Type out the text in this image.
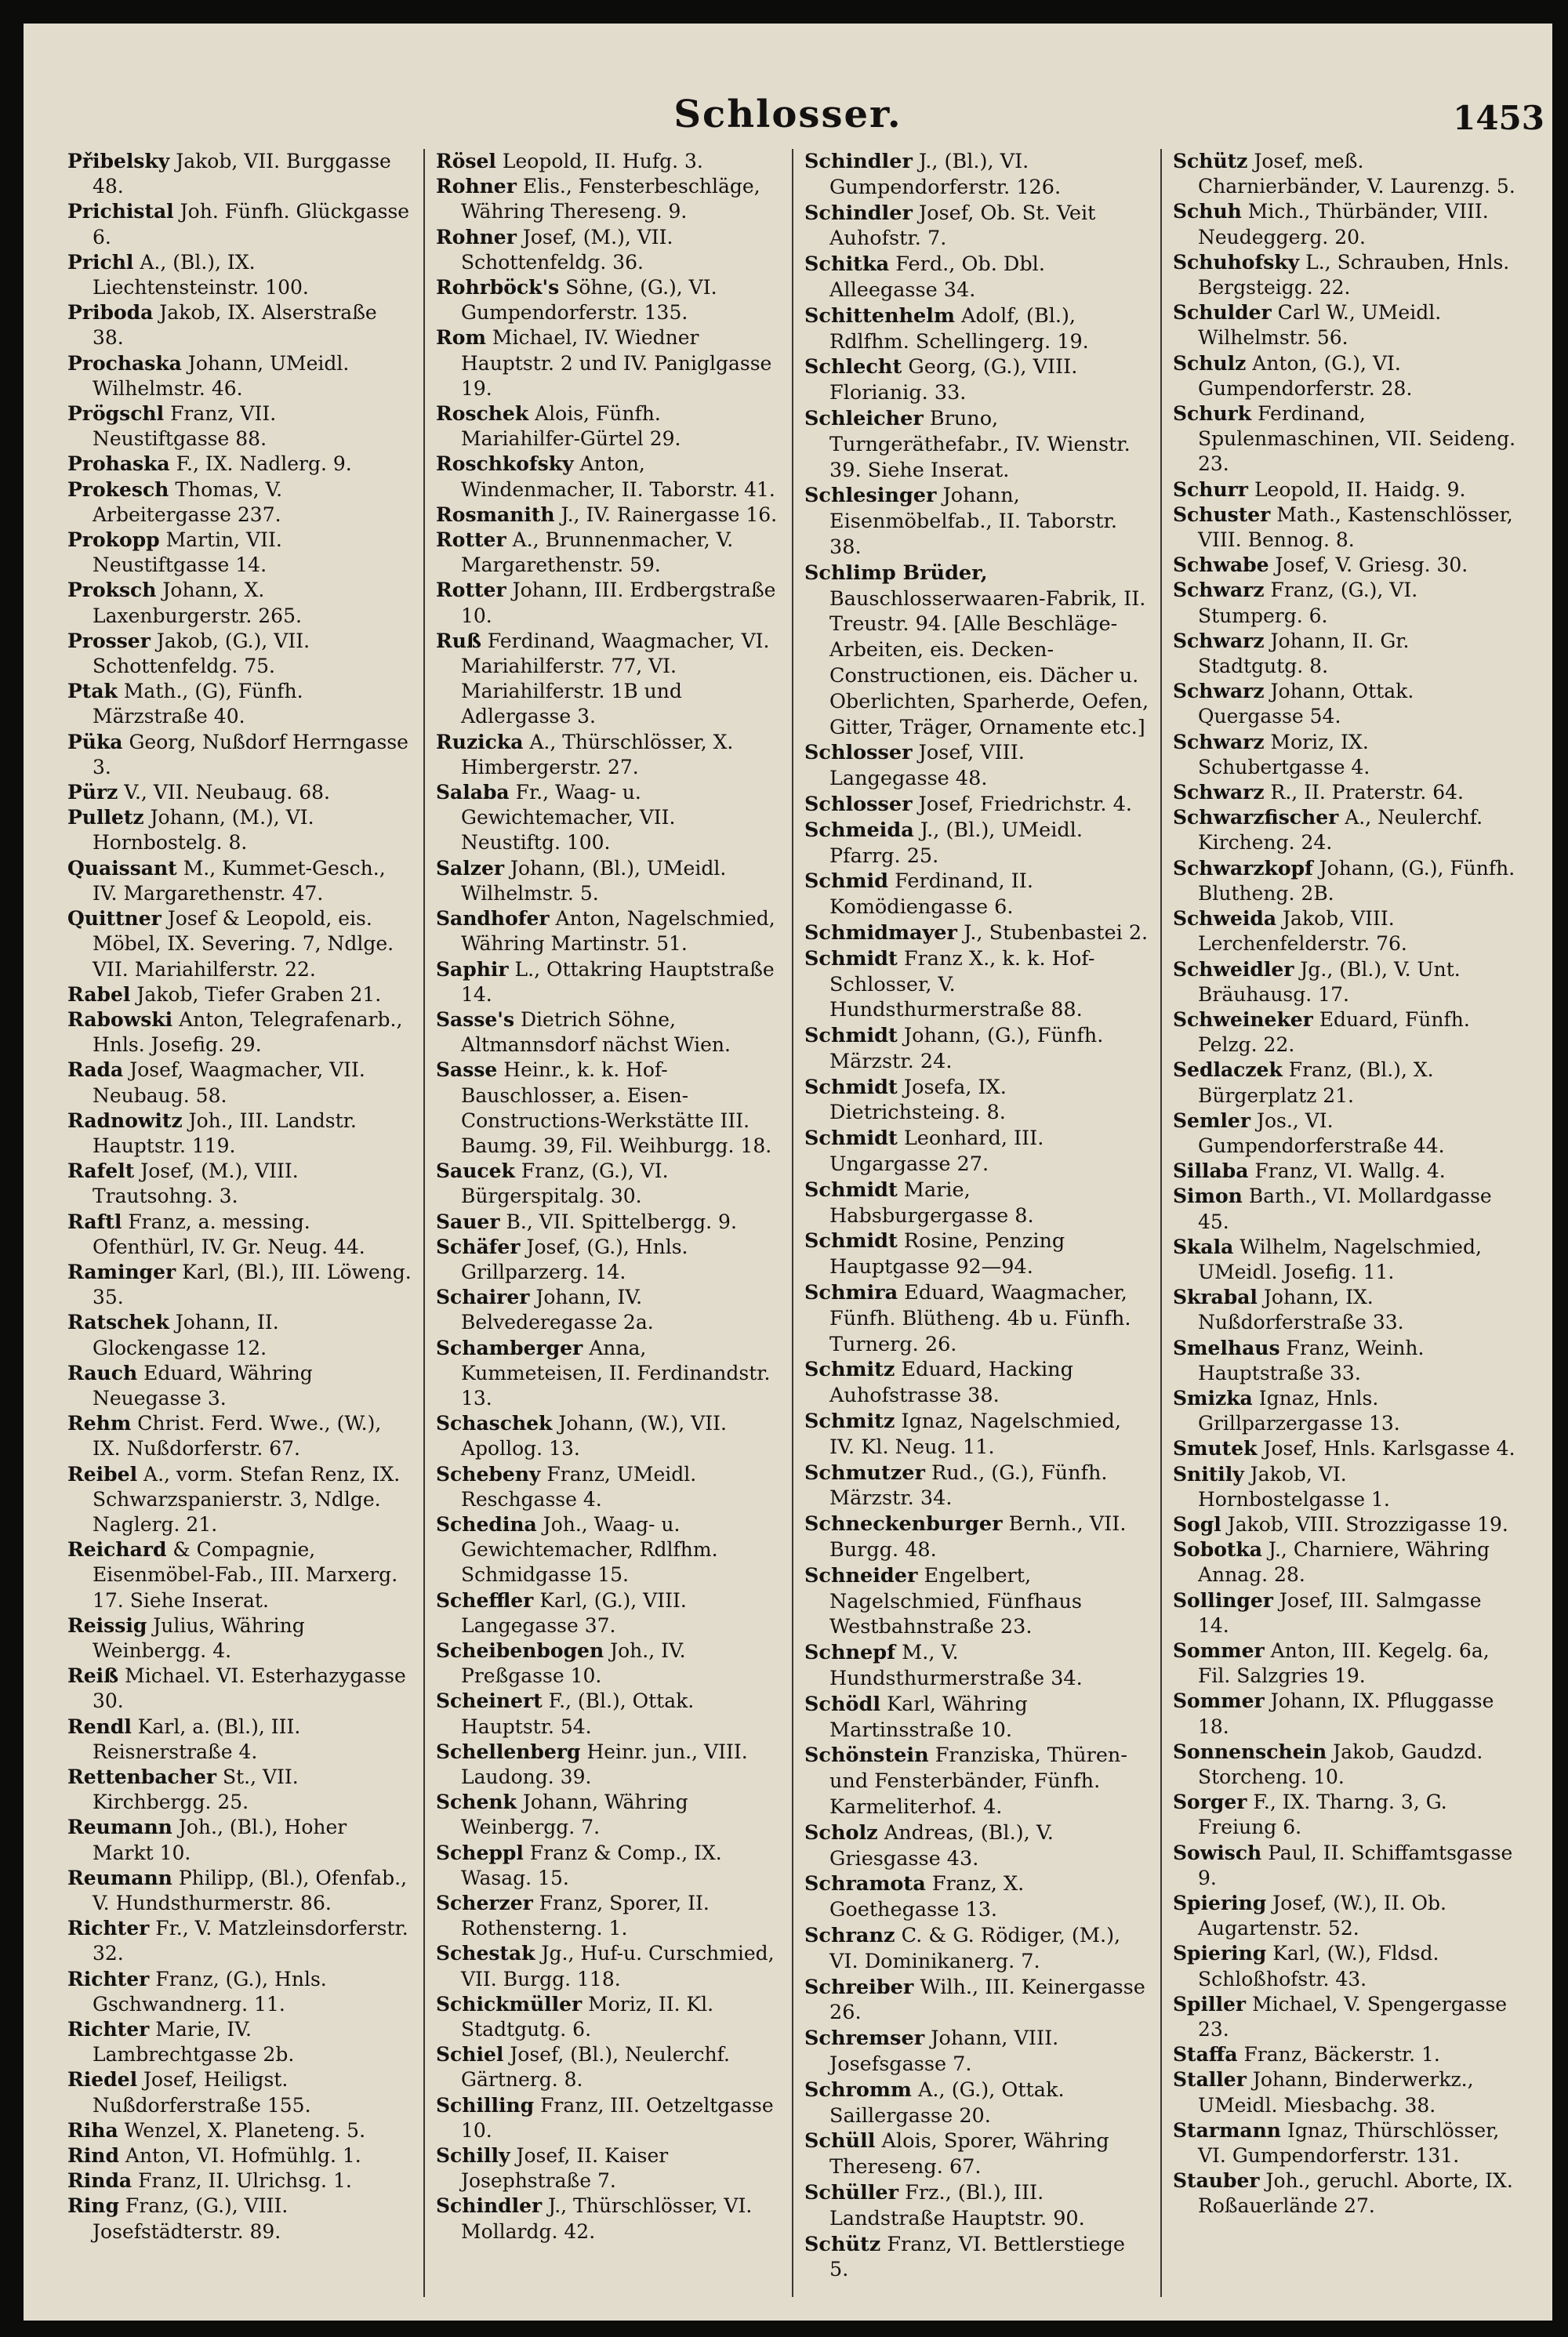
Schlosser.	1453

Přibelsky Jakob, VII. Burggasse 48.

Prichistal Joh. Fünfh. Glückgasse 6.

Prichl A., (Bl.), IX. Liechtensteinstr. 100.

Priboda Jakob, IX. Alserstraße 38.

Prochaska Johann, UMeidl. Wilhelmstr. 46.

Prögschl Franz, VII. Neustiftgasse 88.

Prohaska F., IX. Nadlerg. 9.

Prokesch Thomas, V. Arbeitergasse 237.

Prokopp Martin, VII. Neustiftgasse 14.

Proksch Johann, X. Laxenburgerstr. 265.

Prosser Jakob, (G.), VII. Schottenfeldg. 75.

Ptak Math., (G), Fünfh. Märzstraße 40.

Püka Georg, Nußdorf Herrngasse 3.

Pürz V., VII. Neubaug. 68.

Pulletz Johann, (M.), VI. Hornbostelg. 8.

Quaissant M., Kummet-Gesch., IV. Margarethenstr. 47.

Quittner Josef & Leopold, eis. Möbel, IX. Severing. 7, Ndlge. VII. Mariahilferstr. 22.

Rabel Jakob, Tiefer Graben 21.

Rabowski Anton, Telegrafenarb., Hnls. Josefig. 29.

Rada Josef, Waagmacher, VII. Neubaug. 58.

Radnowitz Joh., III. Landstr. Hauptstr. 119.

Rafelt Josef, (M.), VIII. Trautsohng. 3.

Raftl Franz, a. messing. Ofenthürl, IV. Gr. Neug. 44.

Raminger Karl, (Bl.), III. Löweng. 35.

Ratschek Johann, II. Glockengasse 12.

Rauch Eduard, Währing Neuegasse 3.

Rehm Christ. Ferd. Wwe., (W.), IX. Nußdorferstr. 67.

Reibel A., vorm. Stefan Renz, IX. Schwarzspanierstr. 3, Ndlge. Naglerg. 21.

Reichard & Compagnie, Eisenmöbel-Fab., III. Marxerg. 17. Siehe Inserat.

Reissig Julius, Währing Weinbergg. 4.

Reiß Michael. VI. Esterhazygasse 30.

Rendl Karl, a. (Bl.), III. Reisnerstraße 4.

Rettenbacher St., VII. Kirchbergg. 25.

Reumann Joh., (Bl.), Hoher Markt 10.

Reumann Philipp, (Bl.), Ofenfab., V. Hundsthurmerstr. 86.

Richter Fr., V. Matzleinsdorferstr. 32.

Richter Franz, (G.), Hnls. Gschwandnerg. 11.

Richter Marie, IV. Lambrechtgasse 2b.

Riedel Josef, Heiligst. Nußdorferstraße 155.

Riha Wenzel, X. Planeteng. 5.

Rind Anton, VI. Hofmühlg. 1.

Rinda Franz, II. Ulrichsg. 1.

Ring Franz, (G.), VIII. Josefstädterstr. 89.

Rösel Leopold, II. Hufg. 3.

Rohner Elis., Fensterbeschläge, Währing Thereseng. 9.

Rohner Josef, (M.), VII. Schottenfeldg. 36.

Rohrböck's Söhne, (G.), VI. Gumpendorferstr. 135.

Rom Michael, IV. Wiedner Hauptstr. 2 und IV. Paniglgasse 19.

Roschek Alois, Fünfh. Mariahilfer-Gürtel 29.

Roschkofsky Anton, Windenmacher, II. Taborstr. 41.

Rosmanith J., IV. Rainergasse 16.

Rotter A., Brunnenmacher, V. Margarethenstr. 59.

Rotter Johann, III. Erdbergstraße 10.

Ruß Ferdinand, Waagmacher, VI. Mariahilferstr. 77, VI. Mariahilferstr. 1B und Adlergasse 3.

Ruzicka A., Thürschlösser, X. Himbergerstr. 27.

Salaba Fr., Waag- u. Gewichtemacher, VII. Neustiftg. 100.

Salzer Johann, (Bl.), UMeidl. Wilhelmstr. 5.

Sandhofer Anton, Nagelschmied, Währing Martinstr. 51.

Saphir L., Ottakring Hauptstraße 14.

Sasse's Dietrich Söhne, Altmannsdorf nächst Wien.

Sasse Heinr., k. k. Hof-Bauschlosser, a. Eisen-Constructions-Werkstätte III. Baumg. 39, Fil. Weihburgg. 18.

Saucek Franz, (G.), VI. Bürgerspitalg. 30.

Sauer B., VII. Spittelbergg. 9.

Schäfer Josef, (G.), Hnls. Grillparzerg. 14.

Schairer Johann, IV. Belvederegasse 2a.

Schamberger Anna, Kummeteisen, II. Ferdinandstr. 13.

Schaschek Johann, (W.), VII. Apollog. 13.

Schebeny Franz, UMeidl. Reschgasse 4.

Schedina Joh., Waag- u. Gewichtemacher, Rdlfhm. Schmidgasse 15.

Scheffler Karl, (G.), VIII. Langegasse 37.

Scheibenbogen Joh., IV. Preßgasse 10.

Scheinert F., (Bl.), Ottak. Hauptstr. 54.

Schellenberg Heinr. jun., VIII. Laudong. 39.

Schenk Johann, Währing Weinbergg. 7.

Scheppl Franz & Comp., IX. Wasag. 15.

Scherzer Franz, Sporer, II. Rothensterng. 1.

Schestak Jg., Huf-u. Curschmied, VII. Burgg. 118.

Schickmüller Moriz, II. Kl. Stadtgutg. 6.

Schiel Josef, (Bl.), Neulerchf. Gärtnerg. 8.

Schilling Franz, III. Oetzeltgasse 10.

Schilly Josef, II. Kaiser Josephstraße 7.

Schindler J., Thürschlösser, VI. Mollardg. 42.

Schindler J., (Bl.), VI. Gumpendorferstr. 126.

Schindler Josef, Ob. St. Veit Auhofstr. 7.

Schitka Ferd., Ob. Dbl. Alleegasse 34.

Schittenhelm Adolf, (Bl.), Rdlfhm. Schellingerg. 19.

Schlecht Georg, (G.), VIII. Florianig. 33.

Schleicher Bruno, Turngeräthefabr., IV. Wienstr. 39. Siehe Inserat.

Schlesinger Johann, Eisenmöbelfab., II. Taborstr. 38.

Schlimp Brüder, Bauschlosserwaaren-Fabrik, II. Treustr. 94. [Alle Beschläge-Arbeiten, eis. Decken-Constructionen, eis. Dächer u. Oberlichten, Sparherde, Oefen, Gitter, Träger, Ornamente etc.]

Schlosser Josef, VIII. Langegasse 48.

Schlosser Josef, Friedrichstr. 4.

Schmeida J., (Bl.), UMeidl. Pfarrg. 25.

Schmid Ferdinand, II. Komödiengasse 6.

Schmidmayer J., Stubenbastei 2.

Schmidt Franz X., k. k. Hof-Schlosser, V. Hundsthurmerstraße 88.

Schmidt Johann, (G.), Fünfh. Märzstr. 24.

Schmidt Josefa, IX. Dietrichsteing. 8.

Schmidt Leonhard, III. Ungargasse 27.

Schmidt Marie, Habsburgergasse 8.

Schmidt Rosine, Penzing Hauptgasse 92—94.

Schmira Eduard, Waagmacher, Fünfh. Blütheng. 4b u. Fünfh. Turnerg. 26.

Schmitz Eduard, Hacking Auhofstrasse 38.

Schmitz Ignaz, Nagelschmied, IV. Kl. Neug. 11.

Schmutzer Rud., (G.), Fünfh. Märzstr. 34.

Schneckenburger Bernh., VII. Burgg. 48.

Schneider Engelbert, Nagelschmied, Fünfhaus Westbahnstraße 23.

Schnepf M., V. Hundsthurmerstraße 34.

Schödl Karl, Währing Martinsstraße 10.

Schönstein Franziska, Thüren- und Fensterbänder, Fünfh. Karmeliterhof. 4.

Scholz Andreas, (Bl.), V. Griesgasse 43.

Schramota Franz, X. Goethegasse 13.

Schranz C. & G. Rödiger, (M.), VI. Dominikanerg. 7.

Schreiber Wilh., III. Keinergasse 26.

Schremser Johann, VIII. Josefsgasse 7.

Schromm A., (G.), Ottak. Saillergasse 20.

Schüll Alois, Sporer, Währing Thereseng. 67.

Schüller Frz., (Bl.), III. Landstraße Hauptstr. 90.

Schütz Franz, VI. Bettlerstiege 5.

Schütz Josef, meß. Charnierbänder, V. Laurenzg. 5.

Schuh Mich., Thürbänder, VIII. Neudeggerg. 20.

Schuhofsky L., Schrauben, Hnls. Bergsteigg. 22.

Schulder Carl W., UMeidl. Wilhelmstr. 56.

Schulz Anton, (G.), VI. Gumpendorferstr. 28.

Schurk Ferdinand, Spulenmaschinen, VII. Seideng. 23.

Schurr Leopold, II. Haidg. 9.

Schuster Math., Kastenschlösser, VIII. Bennog. 8.

Schwabe Josef, V. Griesg. 30.

Schwarz Franz, (G.), VI. Stumperg. 6.

Schwarz Johann, II. Gr. Stadtgutg. 8.

Schwarz Johann, Ottak. Quergasse 54.

Schwarz Moriz, IX. Schubertgasse 4.

Schwarz R., II. Praterstr. 64.

Schwarzfischer A., Neulerchf. Kircheng. 24.

Schwarzkopf Johann, (G.), Fünfh. Blutheng. 2B.

Schweida Jakob, VIII. Lerchenfelderstr. 76.

Schweidler Jg., (Bl.), V. Unt. Bräuhausg. 17.

Schweineker Eduard, Fünfh. Pelzg. 22.

Sedlaczek Franz, (Bl.), X. Bürgerplatz 21.

Semler Jos., VI. Gumpendorferstraße 44.

Sillaba Franz, VI. Wallg. 4.

Simon Barth., VI. Mollardgasse 45.

Skala Wilhelm, Nagelschmied, UMeidl. Josefig. 11.

Skrabal Johann, IX. Nußdorferstraße 33.

Smelhaus Franz, Weinh. Hauptstraße 33.

Smizka Ignaz, Hnls. Grillparzergasse 13.

Smutek Josef, Hnls. Karlsgasse 4.

Snitily Jakob, VI. Hornbostelgasse 1.

Sogl Jakob, VIII. Strozzigasse 19.

Sobotka J., Charniere, Währing Annag. 28.

Sollinger Josef, III. Salmgasse 14.

Sommer Anton, III. Kegelg. 6a, Fil. Salzgries 19.

Sommer Johann, IX. Pfluggasse 18.

Sonnenschein Jakob, Gaudzd. Storcheng. 10.

Sorger F., IX. Tharng. 3, G. Freiung 6.

Sowisch Paul, II. Schiffamtsgasse 9.

Spiering Josef, (W.), II. Ob. Augartenstr. 52.

Spiering Karl, (W.), Fldsd. Schloßhofstr. 43.

Spiller Michael, V. Spengergasse 23.

Staffa Franz, Bäckerstr. 1.

Staller Johann, Binderwerkz., UMeidl. Miesbachg. 38.

Starmann Ignaz, Thürschlösser, VI. Gumpendorferstr. 131.

Stauber Joh., geruchl. Aborte, IX. Roßauerlände 27.
